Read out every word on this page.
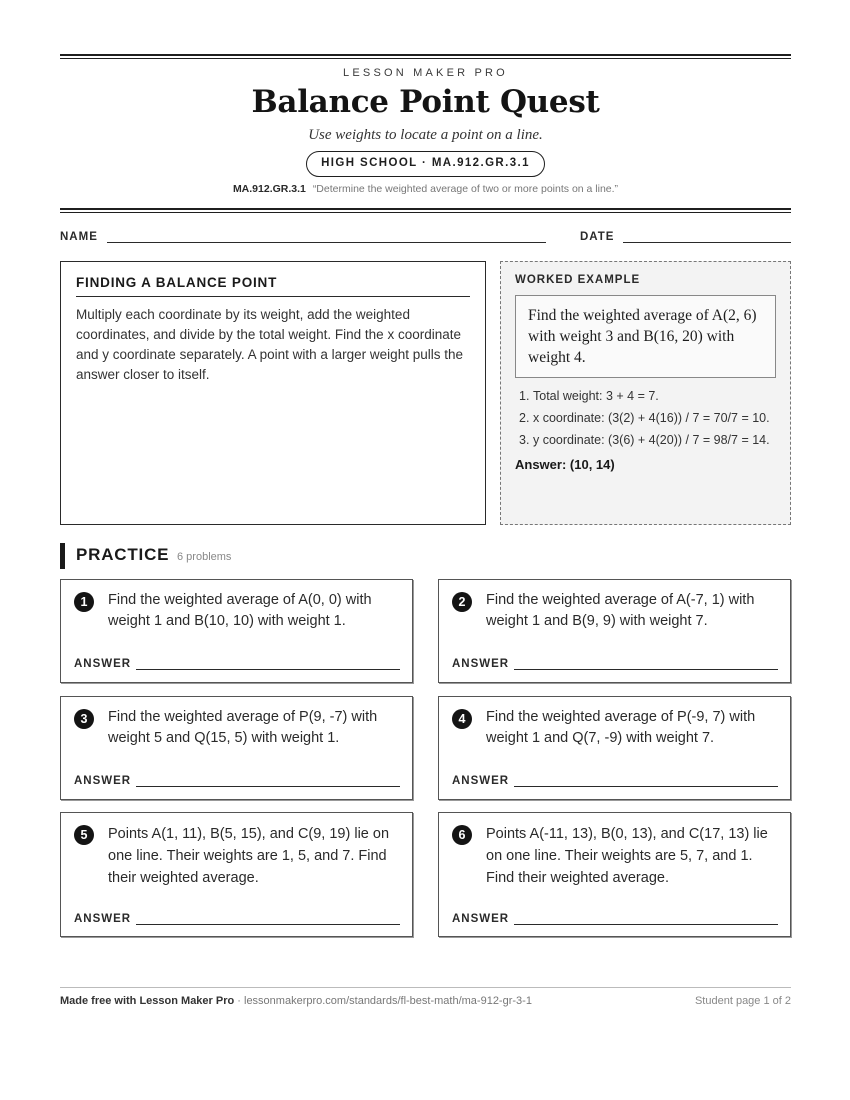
LESSON MAKER PRO
Balance Point Quest
Use weights to locate a point on a line.
HIGH SCHOOL · MA.912.GR.3.1
MA.912.GR.3.1 “Determine the weighted average of two or more points on a line.”
NAME	DATE
FINDING A BALANCE POINT
Multiply each coordinate by its weight, add the weighted coordinates, and divide by the total weight. Find the x coordinate and y coordinate separately. A point with a larger weight pulls the answer closer to itself.
WORKED EXAMPLE
Find the weighted average of A(2, 6) with weight 3 and B(16, 20) with weight 4.
1. Total weight: 3 + 4 = 7.
2. x coordinate: (3(2) + 4(16)) / 7 = 70/7 = 10.
3. y coordinate: (3(6) + 4(20)) / 7 = 98/7 = 14.
Answer: (10, 14)
PRACTICE 6 problems
1	Find the weighted average of A(0, 0) with weight 1 and B(10, 10) with weight 1.
ANSWER
2	Find the weighted average of A(-7, 1) with weight 1 and B(9, 9) with weight 7.
ANSWER
3	Find the weighted average of P(9, -7) with weight 5 and Q(15, 5) with weight 1.
ANSWER
4	Find the weighted average of P(-9, 7) with weight 1 and Q(7, -9) with weight 7.
ANSWER
5	Points A(1, 11), B(5, 15), and C(9, 19) lie on one line. Their weights are 1, 5, and 7. Find their weighted average.
ANSWER
6	Points A(-11, 13), B(0, 13), and C(17, 13) lie on one line. Their weights are 5, 7, and 1. Find their weighted average.
ANSWER
Made free with Lesson Maker Pro · lessonmakerpro.com/standards/fl-best-math/ma-912-gr-3-1	Student page 1 of 2
